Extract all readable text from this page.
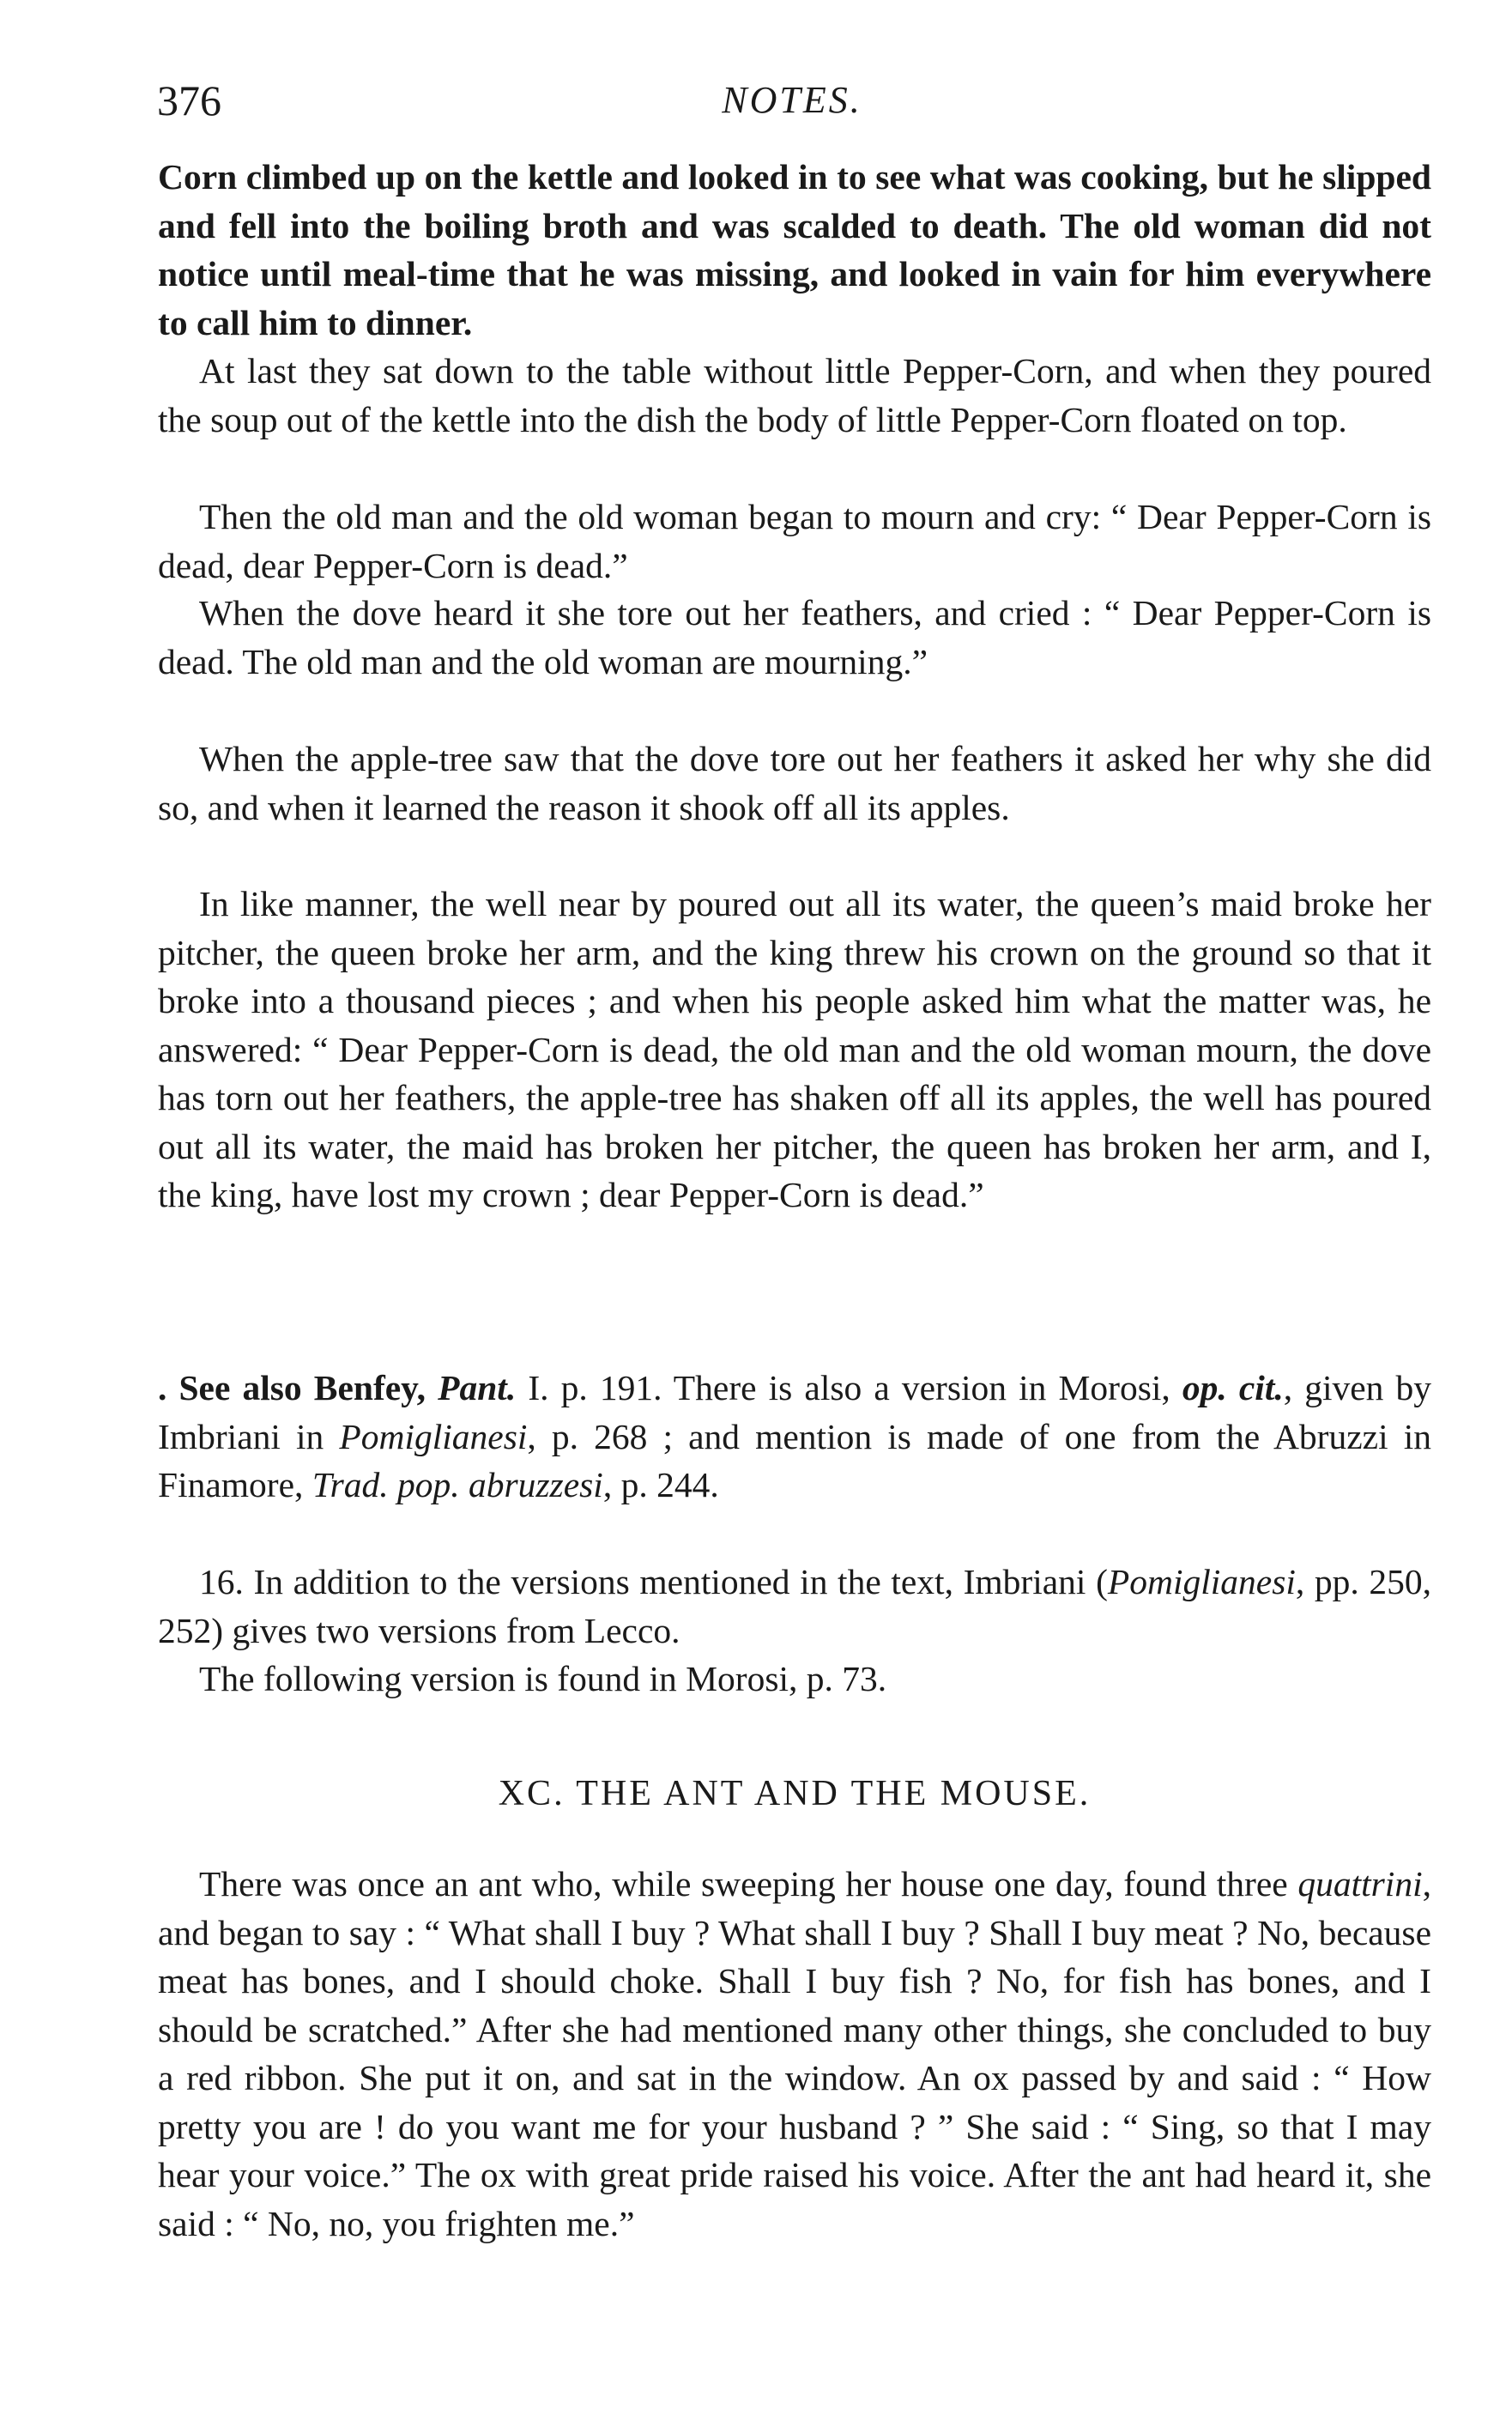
376	NOTES.

Corn climbed up on the kettle and looked in to see what was cooking, but he slipped and fell into the boiling broth and was scalded to death. The old woman did not notice until meal-time that he was missing, and looked in vain for him everywhere to call him to dinner.

At last they sat down to the table without little Pepper-Corn, and when they poured the soup out of the kettle into the dish the body of little Pepper-Corn floated on top.

Then the old man and the old woman began to mourn and cry: “ Dear Pepper-Corn is dead, dear Pepper-Corn is dead.”

When the dove heard it she tore out her feathers, and cried : “ Dear Pepper-Corn is dead. The old man and the old woman are mourning.”

When the apple-tree saw that the dove tore out her feathers it asked her why she did so, and when it learned the reason it shook off all its apples.

In like manner, the well near by poured out all its water, the queen’s maid broke her pitcher, the queen broke her arm, and the king threw his crown on the ground so that it broke into a thousand pieces ; and when his people asked him what the matter was, he answered: “ Dear Pepper-Corn is dead, the old man and the old woman mourn, the dove has torn out her feathers, the apple-tree has shaken off all its apples, the well has poured out all its water, the maid has broken her pitcher, the queen has broken her arm, and I, the king, have lost my crown ; dear Pepper-Corn is dead.”

. See also Benfey, Pant. I. p. 191. There is also a version in Morosi, op. cit., given by Imbriani in Pomiglianesi, p. 268 ; and mention is made of one from the Abruzzi in Finamore, Trad. pop. abruzzesi, p. 244.

16. In addition to the versions mentioned in the text, Imbriani (Pomiglianesi, pp. 250, 252) gives two versions from Lecco.

The following version is found in Morosi, p. 73.

XC. THE ANT AND THE MOUSE.

There was once an ant who, while sweeping her house one day, found three quattrini, and began to say : “ What shall I buy ? What shall I buy ? Shall I buy meat ? No, because meat has bones, and I should choke. Shall I buy fish ? No, for fish has bones, and I should be scratched.” After she had mentioned many other things, she concluded to buy a red ribbon. She put it on, and sat in the window. An ox passed by and said : “ How pretty you are ! do you want me for your husband ? ” She said : “ Sing, so that I may hear your voice.” The ox with great pride raised his voice. After the ant had heard it, she said : “ No, no, you frighten me.”
